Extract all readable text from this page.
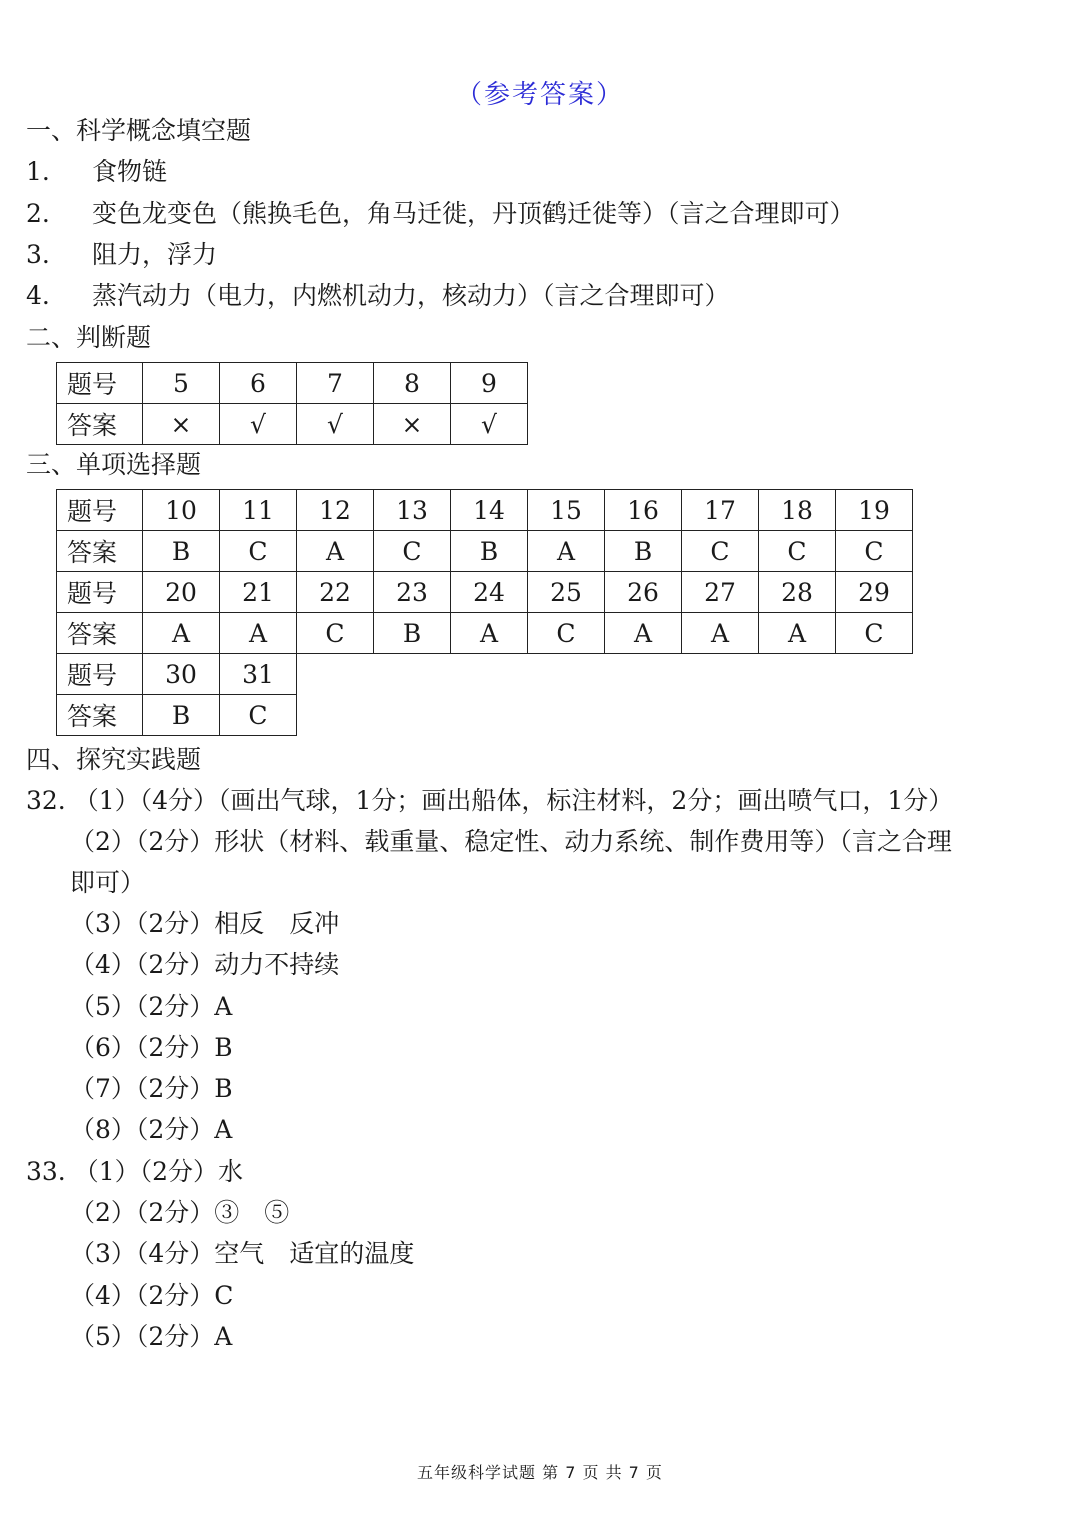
（参考答案）
一、科学概念填空题
1. 食物链
2. 变色龙变色（熊换毛色，角马迁徙，丹顶鹤迁徙等）（言之合理即可）
3. 阻力，浮力
4. 蒸汽动力（电力，内燃机动力，核动力）（言之合理即可）
二、判断题
题号	5	6	7	8	9
答案	×	√	√	×	√
三、单项选择题
题号	10	11	12	13	14	15	16	17	18	19
答案	B	C	A	C	B	A	B	C	C	C
题号	20	21	22	23	24	25	26	27	28	29
答案	A	A	C	B	A	C	A	A	A	C
题号	30	31								
答案	B	C								
四、探究实践题
32. （1）（4分）（画出气球，1分；画出船体，标注材料，2分；画出喷气口，1分）
（2）（2分）形状（材料、载重量、稳定性、动力系统、制作费用等）（言之合理
即可）
（3）（2分）相反　反冲
（4）（2分）动力不持续
（5）（2分）A
（6）（2分）B
（7）（2分）B
（8）（2分）A
33. （1）（2分）水
（2）（2分）③　⑤
（3）（4分）空气　适宜的温度
（4）（2分）C
（5）（2分）A
五年级科学试题 第 7 页 共 7 页
